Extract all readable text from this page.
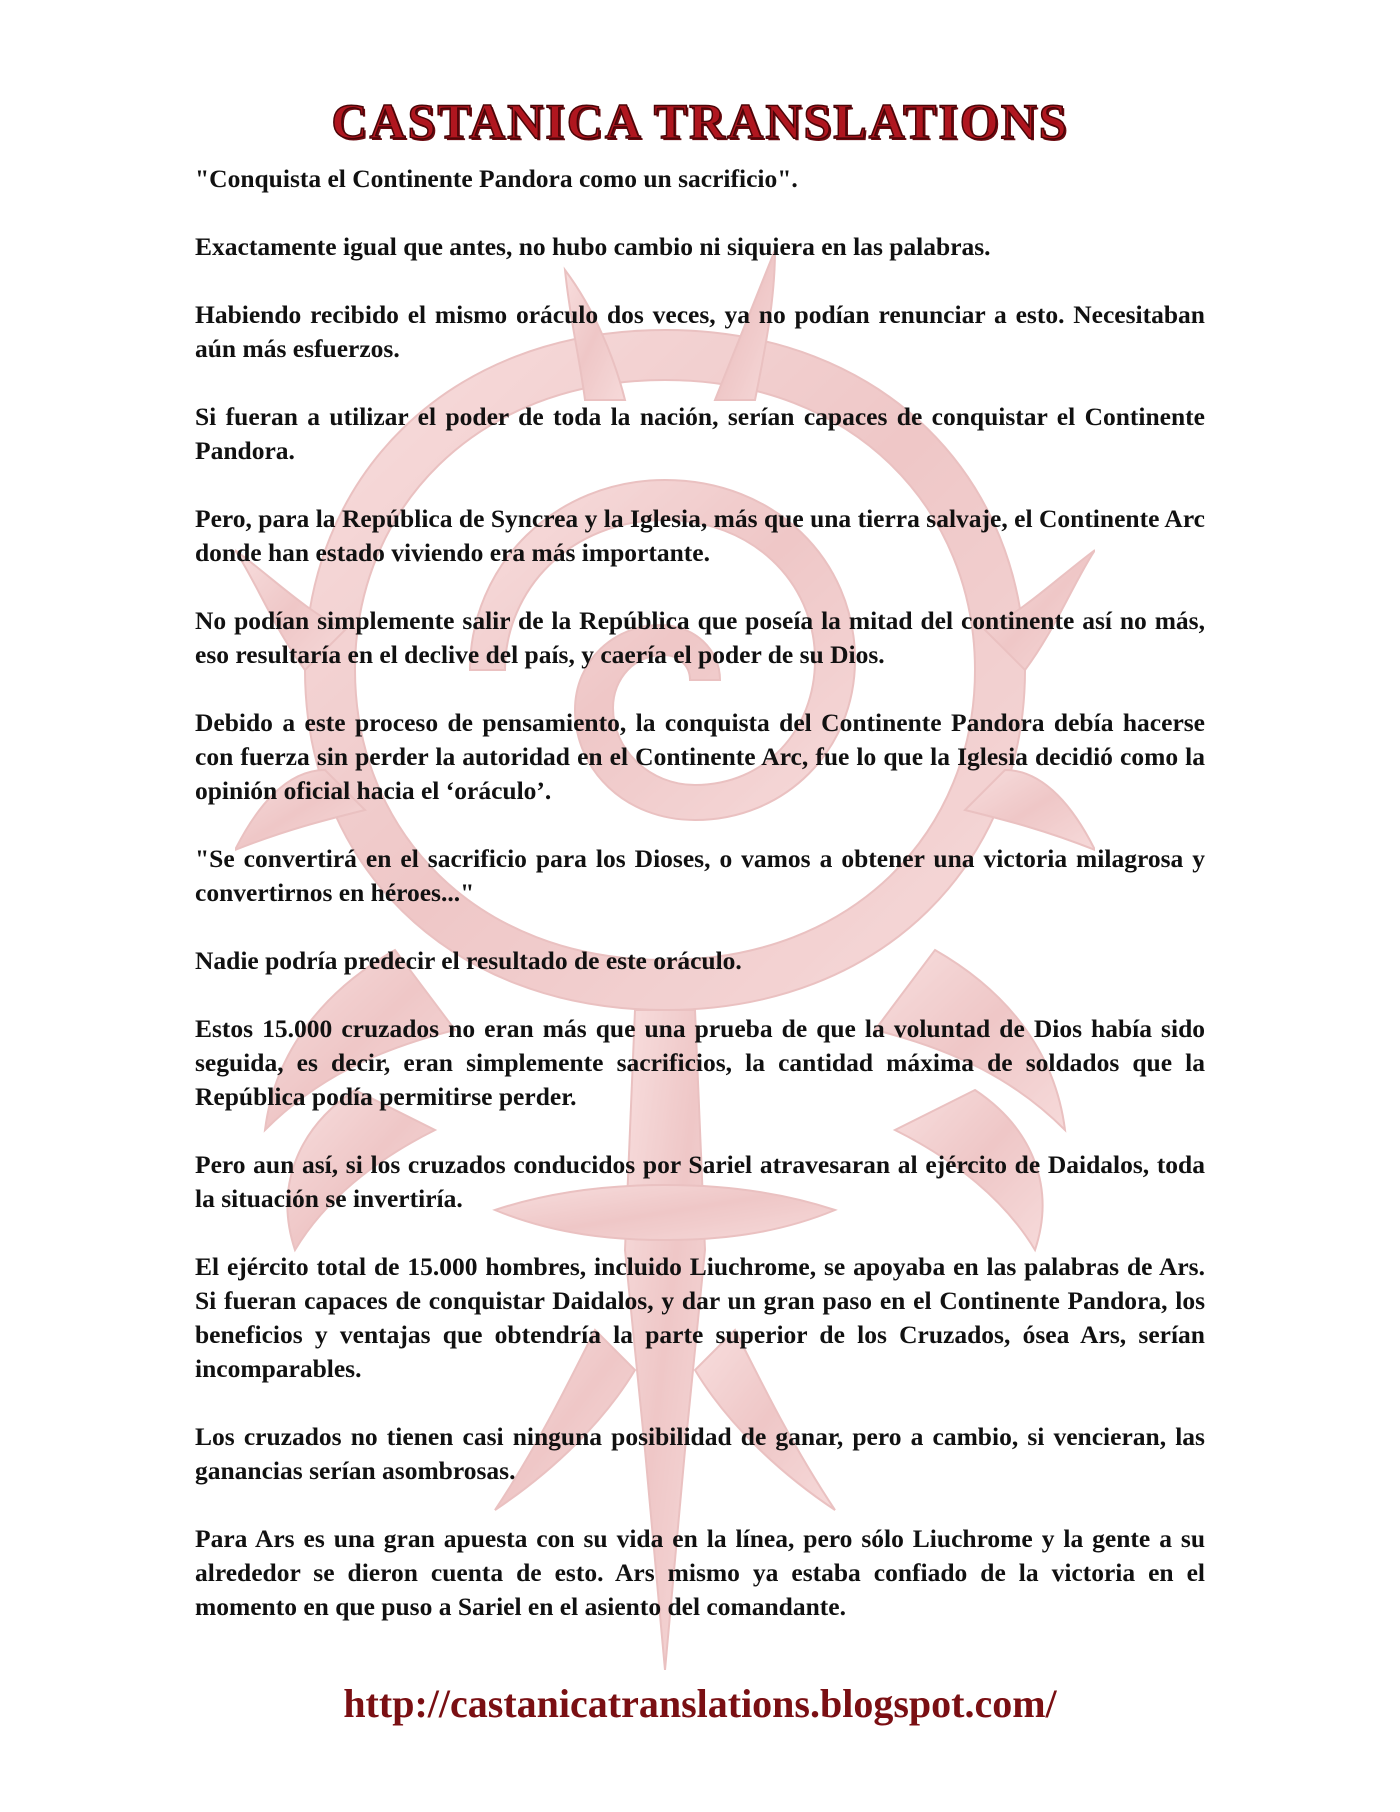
CASTANICA TRANSLATIONS

"Conquista el Continente Pandora como un sacrificio".

Exactamente igual que antes, no hubo cambio ni siquiera en las palabras.

Habiendo recibido el mismo oráculo dos veces, ya no podían renunciar a esto. Necesitaban aún más esfuerzos.

Si fueran a utilizar el poder de toda la nación, serían capaces de conquistar el Continente Pandora.

Pero, para la República de Syncrea y la Iglesia, más que una tierra salvaje, el Continente Arc donde han estado viviendo era más importante.

No podían simplemente salir de la República que poseía la mitad del continente así no más, eso resultaría en el declive del país, y caería el poder de su Dios.

Debido a este proceso de pensamiento, la conquista del Continente Pandora debía hacerse con fuerza sin perder la autoridad en el Continente Arc, fue lo que la Iglesia decidió como la opinión oficial hacia el ‘oráculo’.

"Se convertirá en el sacrificio para los Dioses, o vamos a obtener una victoria milagrosa y convertirnos en héroes..."

Nadie podría predecir el resultado de este oráculo.

Estos 15.000 cruzados no eran más que una prueba de que la voluntad de Dios había sido seguida, es decir, eran simplemente sacrificios, la cantidad máxima de soldados que la República podía permitirse perder.

Pero aun así, si los cruzados conducidos por Sariel atravesaran al ejército de Daidalos, toda la situación se invertiría.

El ejército total de 15.000 hombres, incluido Liuchrome, se apoyaba en las palabras de Ars. Si fueran capaces de conquistar Daidalos, y dar un gran paso en el Continente Pandora, los beneficios y ventajas que obtendría la parte superior de los Cruzados, ósea Ars, serían incomparables.

Los cruzados no tienen casi ninguna posibilidad de ganar, pero a cambio, si vencieran, las ganancias serían asombrosas.

Para Ars es una gran apuesta con su vida en la línea, pero sólo Liuchrome y la gente a su alrededor se dieron cuenta de esto. Ars mismo ya estaba confiado de la victoria en el momento en que puso a Sariel en el asiento del comandante.

http://castanicatranslations.blogspot.com/
